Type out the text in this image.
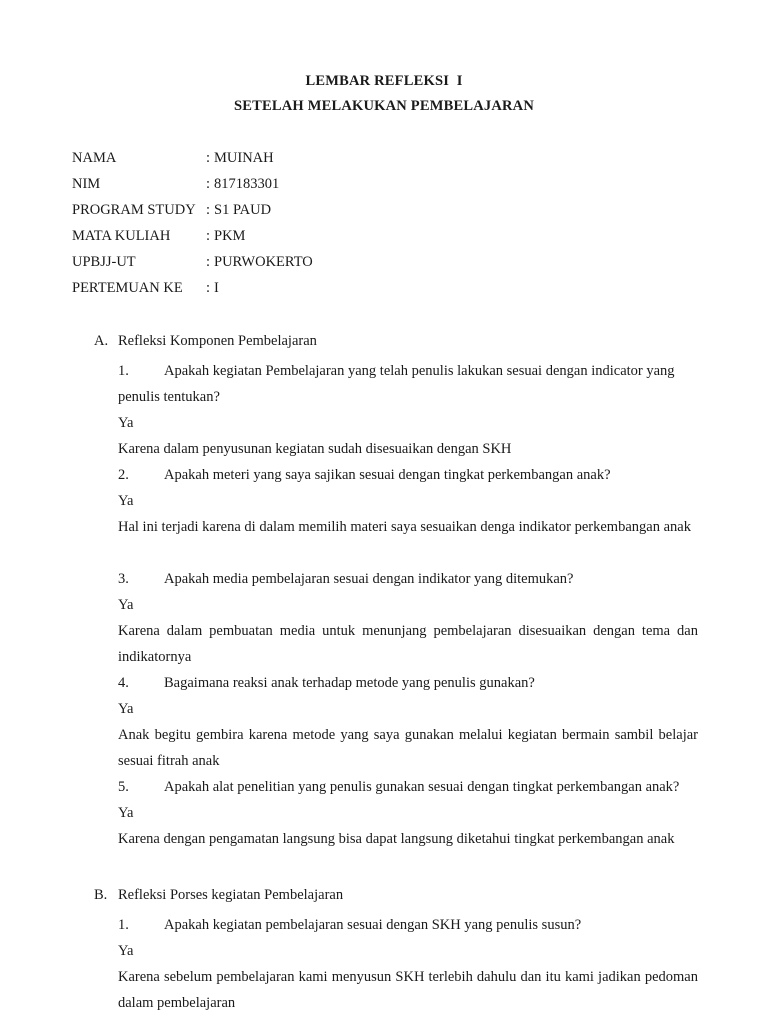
LEMBAR REFLEKSI  I
SETELAH MELAKUKAN PEMBELAJARAN
NAMA	: MUINAH
NIM	: 817183301
PROGRAM STUDY : S1 PAUD
MATA KULIAH	: PKM
UPBJJ-UT	: PURWOKERTO
PERTEMUAN KE	: I
A. Refleksi Komponen Pembelajaran
1.	Apakah kegiatan Pembelajaran yang telah penulis lakukan sesuai dengan indicator yang
penulis tentukan?
Ya
Karena dalam penyusunan kegiatan sudah disesuaikan dengan SKH
2.	Apakah meteri yang saya sajikan sesuai dengan tingkat perkembangan anak?
Ya
Hal ini terjadi karena di dalam memilih materi saya sesuaikan denga indikator perkembangan anak
3.	Apakah media pembelajaran sesuai dengan indikator yang ditemukan?
Ya
Karena dalam pembuatan media untuk menunjang pembelajaran disesuaikan dengan tema dan indikatornya
4.	Bagaimana reaksi anak terhadap metode yang penulis gunakan?
Ya
Anak begitu gembira karena metode yang saya gunakan melalui kegiatan bermain sambil belajar sesuai fitrah anak
5.	Apakah alat penelitian yang penulis gunakan sesuai dengan tingkat perkembangan anak?
Ya
Karena dengan pengamatan langsung bisa dapat langsung diketahui tingkat perkembangan anak
B. Refleksi Porses kegiatan Pembelajaran
1.	Apakah kegiatan pembelajaran sesuai dengan SKH yang penulis susun?
Ya
Karena sebelum pembelajaran kami menyusun SKH terlebih dahulu dan itu kami jadikan pedoman dalam pembelajaran
